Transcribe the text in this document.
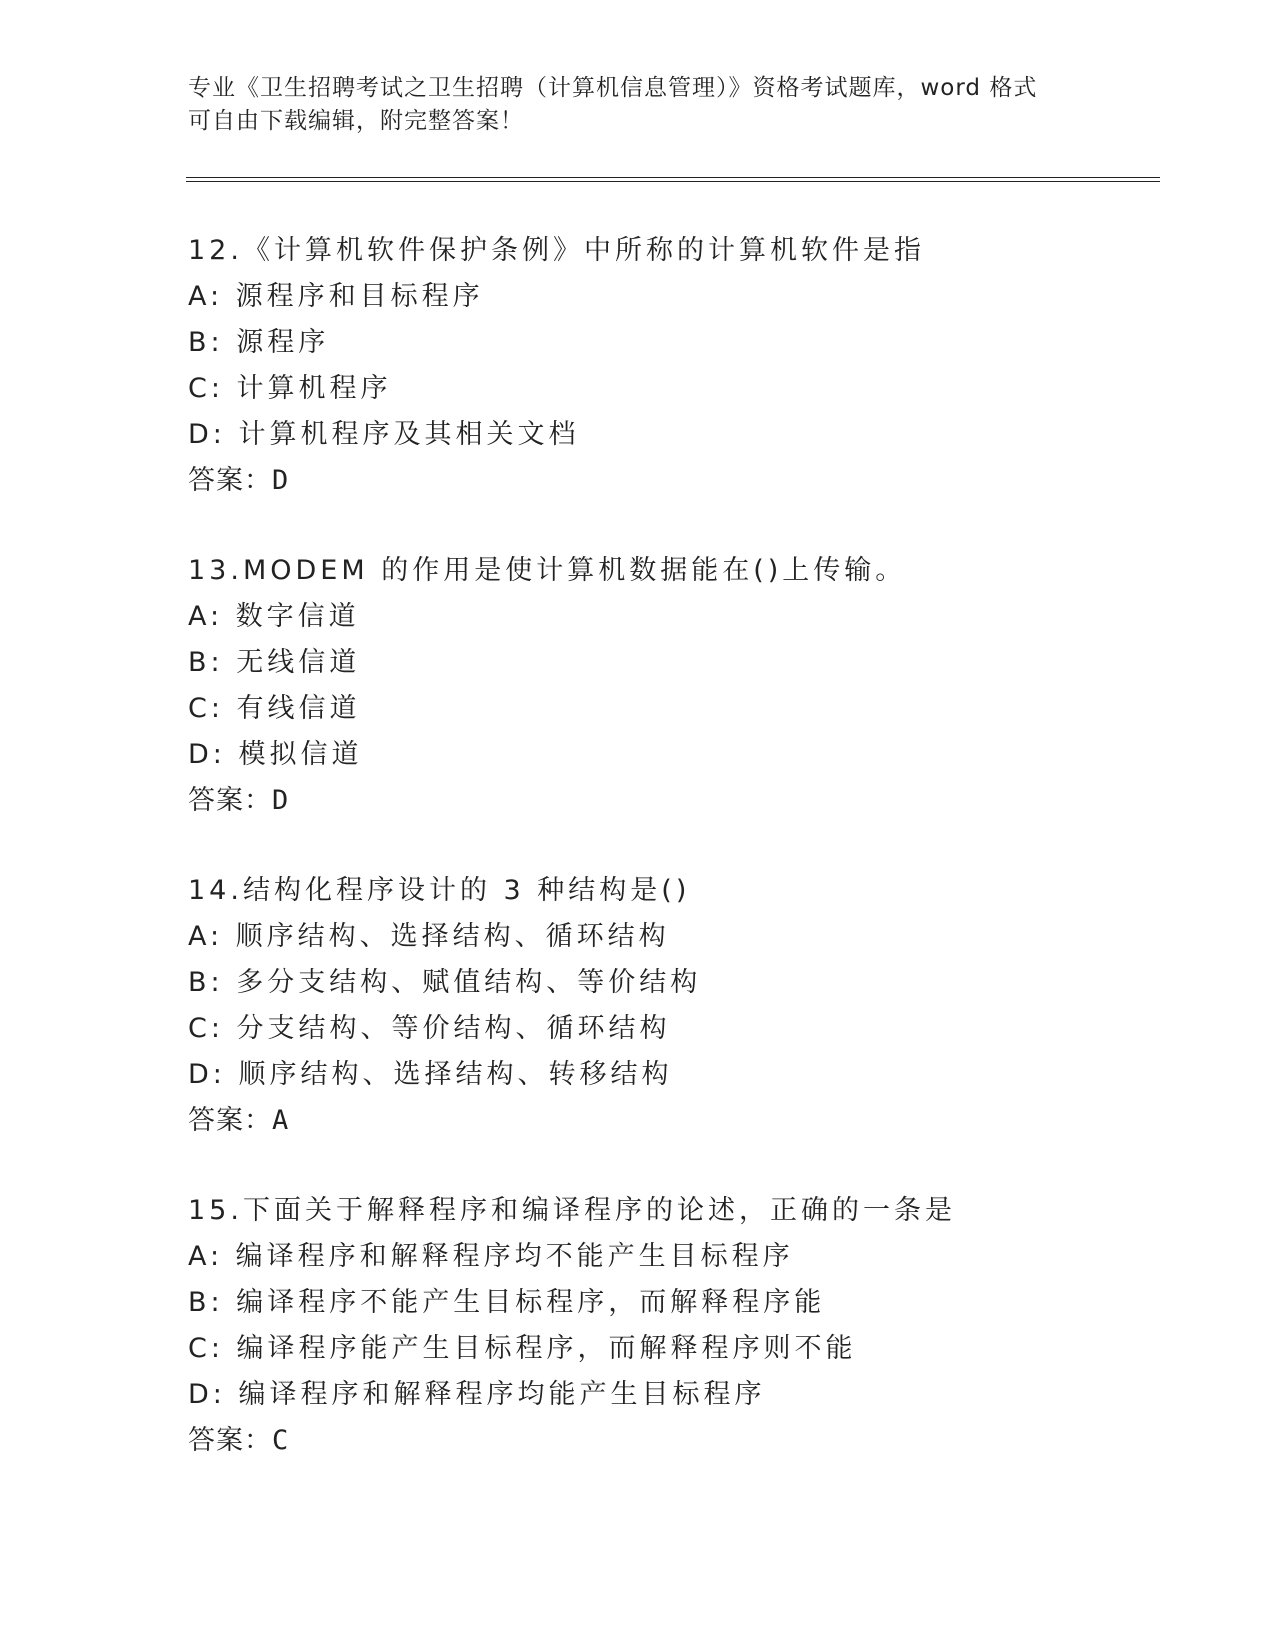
专业《卫生招聘考试之卫生招聘（计算机信息管理）》资格考试题库，word 格式
可自由下载编辑，附完整答案！
12.《计算机软件保护条例》中所称的计算机软件是指
A: 源程序和目标程序
B: 源程序
C: 计算机程序
D: 计算机程序及其相关文档
答案：D
13.MODEM 的作用是使计算机数据能在()上传输。
A: 数字信道
B: 无线信道
C: 有线信道
D: 模拟信道
答案：D
14.结构化程序设计的 3 种结构是()
A: 顺序结构、选择结构、循环结构
B: 多分支结构、赋值结构、等价结构
C: 分支结构、等价结构、循环结构
D: 顺序结构、选择结构、转移结构
答案：A
15.下面关于解释程序和编译程序的论述，正确的一条是
A: 编译程序和解释程序均不能产生目标程序
B: 编译程序不能产生目标程序，而解释程序能
C: 编译程序能产生目标程序，而解释程序则不能
D: 编译程序和解释程序均能产生目标程序
答案：C
